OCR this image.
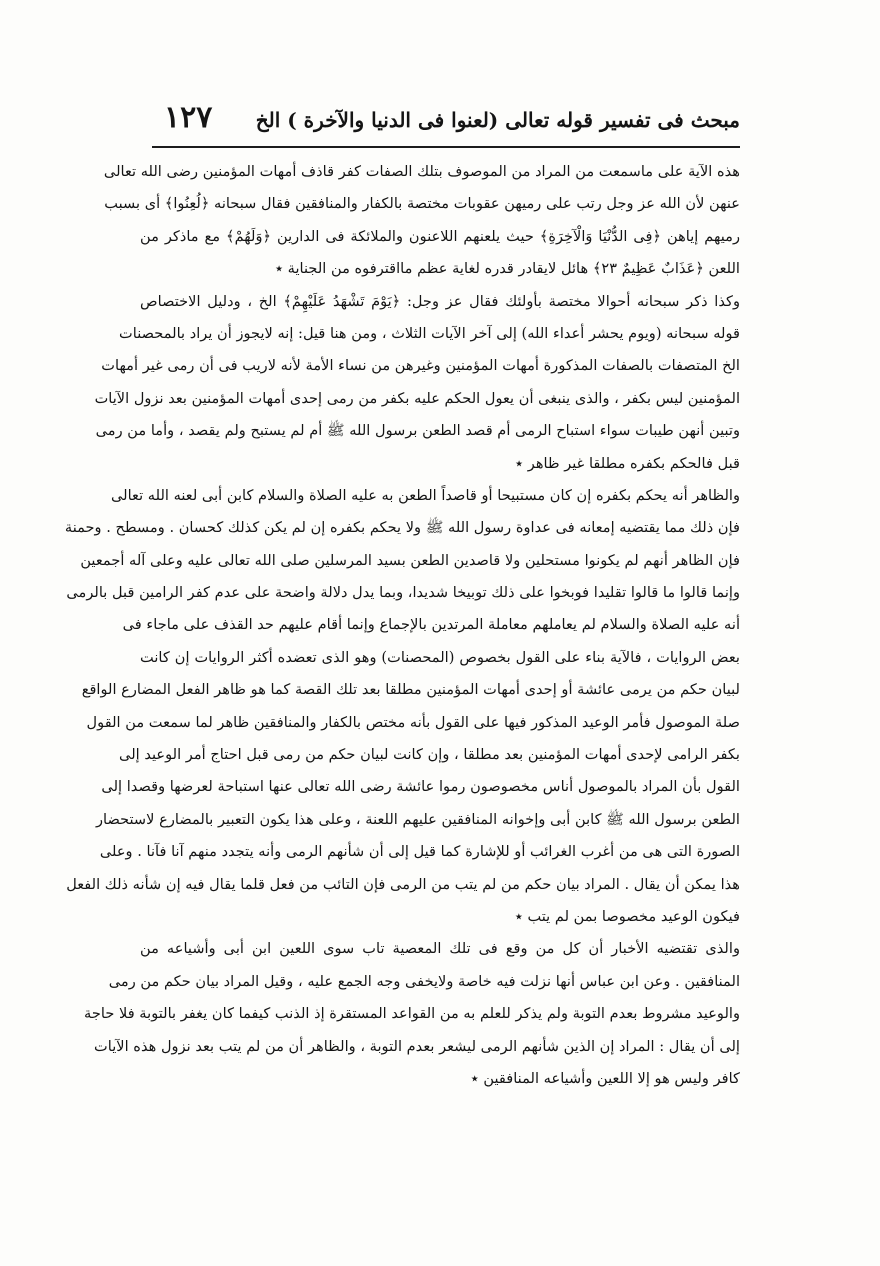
مبحث فى تفسير قوله تعالى (لعنوا فى الدنيا والآخرة ) الخ
١٢٧
هذه الآية على ماسمعت من المراد من الموصوف بتلك الصفات كفر قاذف أمهات المؤمنين رضى الله تعالى
عنهن لأن الله عز وجل رتب على رميهن عقوبات مختصة بالكفار والمنافقين فقال سبحانه ﴿لُعِنُوا﴾ أى بسبب
رميهم إياهن ﴿فِى الدُّنْيَا وَالْآخِرَةِ﴾ حيث يلعنهم اللاعنون والملائكة فى الدارين ﴿وَلَهُمْ﴾ مع ماذكر من
اللعن ﴿عَذَابٌ عَظِيمٌ ٢٣﴾ هائل لايقادر قدره لغاية عظم مااقترفوه من الجناية ٭
وكذا ذكر سبحانه أحوالا مختصة بأولئك فقال عز وجل: ﴿يَوْمَ تَشْهَدُ عَلَيْهِمْ﴾ الخ ، ودليل الاختصاص
قوله سبحانه (ويوم يحشر أعداء الله) إلى آخر الآيات الثلاث ، ومن هنا قيل: إنه لايجوز أن يراد بالمحصنات
الخ المتصفات بالصفات المذكورة أمهات المؤمنين وغيرهن من نساء الأمة لأنه لاريب فى أن رمى غير أمهات
المؤمنين ليس بكفر ، والذى ينبغى أن يعول الحكم عليه بكفر من رمى إحدى أمهات المؤمنين بعد نزول الآيات
وتبين أنهن طيبات سواء استباح الرمى أم قصد الطعن برسول الله ﷺ أم لم يستبح ولم يقصد ، وأما من رمى
قبل فالحكم بكفره مطلقا غير ظاهر ٭
والظاهر أنه يحكم بكفره إن كان مستبيحا أو قاصداً الطعن به عليه الصلاة والسلام كابن أبى لعنه الله تعالى
فإن ذلك مما يقتضيه إمعانه فى عداوة رسول الله ﷺ ولا يحكم بكفره إن لم يكن كذلك كحسان . ومسطح . وحمنة
فإن الظاهر أنهم لم يكونوا مستحلين ولا قاصدين الطعن بسيد المرسلين صلى الله تعالى عليه وعلى آله أجمعين
وإنما قالوا ما قالوا تقليدا فوبخوا على ذلك توبيخا شديدا، وبما يدل دلالة واضحة على عدم كفر الرامين قبل بالرمى
أنه عليه الصلاة والسلام لم يعاملهم معاملة المرتدين بالإجماع وإنما أقام عليهم حد القذف على ماجاء فى
بعض الروايات ، فالآية بناء على القول بخصوص (المحصنات) وهو الذى تعضده أكثر الروايات إن كانت
لبيان حكم من يرمى عائشة أو إحدى أمهات المؤمنين مطلقا بعد تلك القصة كما هو ظاهر الفعل المضارع الواقع
صلة الموصول فأمر الوعيد المذكور فيها على القول بأنه مختص بالكفار والمنافقين ظاهر لما سمعت من القول
بكفر الرامى لإحدى أمهات المؤمنين بعد مطلقا ، وإن كانت لبيان حكم من رمى قبل احتاج أمر الوعيد إلى
القول بأن المراد بالموصول أناس مخصوصون رموا عائشة رضى الله تعالى عنها استباحة لعرضها وقصدا إلى
الطعن برسول الله ﷺ كابن أبى وإخوانه المنافقين عليهم اللعنة ، وعلى هذا يكون التعبير بالمضارع لاستحضار
الصورة التى هى من أغرب الغرائب أو للإشارة كما قيل إلى أن شأنهم الرمى وأنه يتجدد منهم آنا فآنا . وعلى
هذا يمكن أن يقال . المراد بيان حكم من لم يتب من الرمى فإن التائب من فعل قلما يقال فيه إن شأنه ذلك الفعل
فيكون الوعيد مخصوصا بمن لم يتب ٭
والذى تقتضيه الأخبار أن كل من وقع فى تلك المعصية تاب سوى اللعين ابن أبى وأشياعه من
المنافقين . وعن ابن عباس أنها نزلت فيه خاصة ولايخفى وجه الجمع عليه ، وقيل المراد بيان حكم من رمى
والوعيد مشروط بعدم التوبة ولم يذكر للعلم به من القواعد المستقرة إذ الذنب كيفما كان يغفر بالتوبة فلا حاجة
إلى أن يقال : المراد إن الذين شأنهم الرمى ليشعر بعدم التوبة ، والظاهر أن من لم يتب بعد نزول هذه الآيات
كافر وليس هو إلا اللعين وأشياعه المنافقين ٭
